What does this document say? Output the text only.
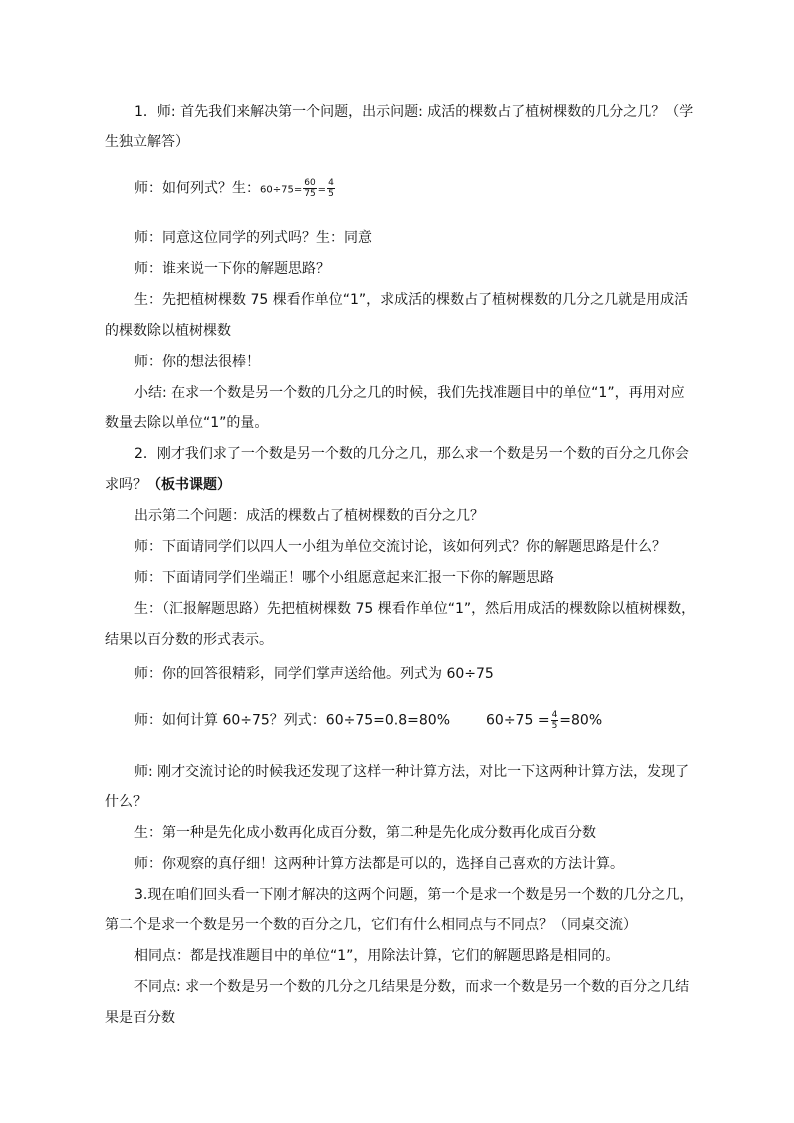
1．师: 首先我们来解决第一个问题，出示问题: 成活的棵数占了植树棵数的几分之几？（学
生独立解答）
师：如何列式？生：$60\div 75= \frac{60}{75} = \frac{4}{5}$
师：同意这位同学的列式吗？生：同意
师：谁来说一下你的解题思路？
生：先把植树棵数 75 棵看作单位“1”，求成活的棵数占了植树棵数的几分之几就是用成活
的棵数除以植树棵数
师：你的想法很棒！
小结: 在求一个数是另一个数的几分之几的时候，我们先找准题目中的单位“1”，再用对应
数量去除以单位“1”的量。
2．刚才我们求了一个数是另一个数的几分之几，那么求一个数是另一个数的百分之几你会
求吗？（板书课题）
出示第二个问题：成活的棵数占了植树棵数的百分之几？
师：下面请同学们以四人一小组为单位交流讨论，该如何列式？你的解题思路是什么？
师：下面请同学们坐端正！哪个小组愿意起来汇报一下你的解题思路
生：（汇报解题思路）先把植树棵数 75 棵看作单位“1”，然后用成活的棵数除以植树棵数，
结果以百分数的形式表示。
师：你的回答很精彩，同学们掌声送给他。列式为 60÷75
师：如何计算 60÷75？列式：60÷75=0.8=80%	$60\div 75 = \frac{4}{5} =80\%$
师: 刚才交流讨论的时候我还发现了这样一种计算方法，对比一下这两种计算方法，发现了
什么？
生：第一种是先化成小数再化成百分数，第二种是先化成分数再化成百分数
师：你观察的真仔细！这两种计算方法都是可以的，选择自己喜欢的方法计算。
3.现在咱们回头看一下刚才解决的这两个问题，第一个是求一个数是另一个数的几分之几，
第二个是求一个数是另一个数的百分之几，它们有什么相同点与不同点？（同桌交流）
相同点：都是找准题目中的单位“1”，用除法计算，它们的解题思路是相同的。
不同点: 求一个数是另一个数的几分之几结果是分数，而求一个数是另一个数的百分之几结
果是百分数
